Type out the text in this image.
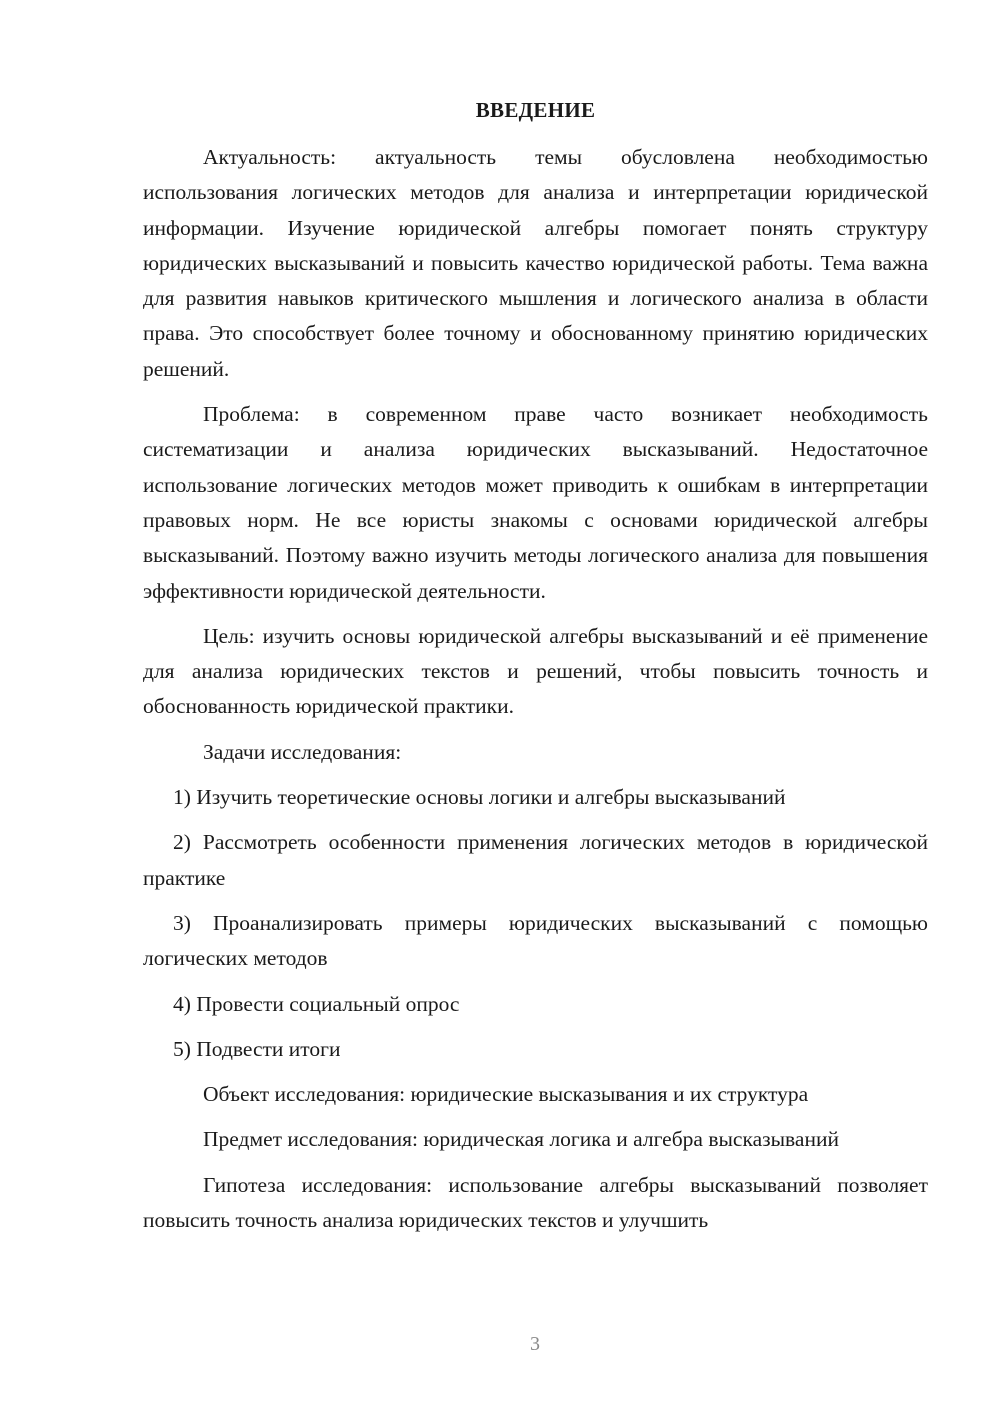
ВВЕДЕНИЕ

Актуальность: актуальность темы обусловлена необходимостью использования логических методов для анализа и интерпретации юридической информации. Изучение юридической алгебры помогает понять структуру юридических высказываний и повысить качество юридической работы. Тема важна для развития навыков критического мышления и логического анализа в области права. Это способствует более точному и обоснованному принятию юридических решений.

Проблема: в современном праве часто возникает необходимость систематизации и анализа юридических высказываний. Недостаточное использование логических методов может приводить к ошибкам в интерпретации правовых норм. Не все юристы знакомы с основами юридической алгебры высказываний. Поэтому важно изучить методы логического анализа для повышения эффективности юридической деятельности.

Цель: изучить основы юридической алгебры высказываний и её применение для анализа юридических текстов и решений, чтобы повысить точность и обоснованность юридической практики.

Задачи исследования:

1) Изучить теоретические основы логики и алгебры высказываний

2) Рассмотреть особенности применения логических методов в юридической практике

3) Проанализировать примеры юридических высказываний с помощью логических методов

4) Провести социальный опрос

5) Подвести итоги

Объект исследования: юридические высказывания и их структура

Предмет исследования: юридическая логика и алгебра высказываний

Гипотеза исследования: использование алгебры высказываний позволяет повысить точность анализа юридических текстов и улучшить

3
